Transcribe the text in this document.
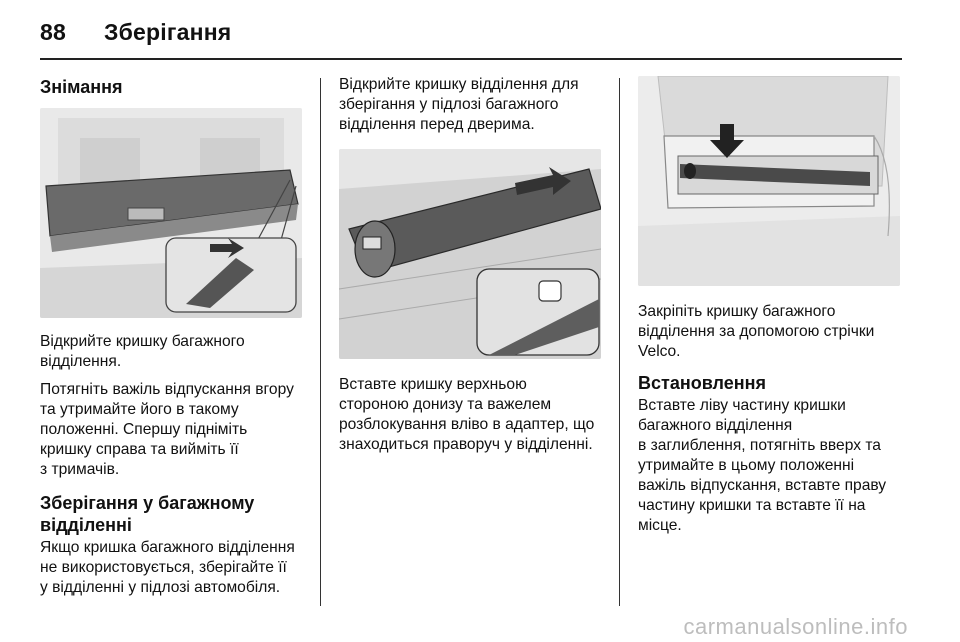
88 Зберігання
Знімання

Відкрийте кришку багажного
відділення.

Потягніть важіль відпускання вгору
та утримайте його в такому
положенні. Спершу підніміть
кришку справа та вийміть її
з тримачів.

Зберігання у багажному
відділенні

Якщо кришка багажного відділення
не використовується, зберігайте її
у відділенні у підлозі автомобіля.

Відкрийте кришку відділення для
зберігання у підлозі багажного
відділення перед дверима.

Вставте кришку верхньою
стороною донизу та важелем
розблокування вліво в адаптер, що
знаходиться праворуч у відділенні.

Закріпіть кришку багажного
відділення за допомогою стрічки
Velco.

Встановлення

Вставте ліву частину кришки
багажного відділення
в заглиблення, потягніть вверх та
утримайте в цьому положенні
важіль відпускання, вставте праву
частину кришки та вставте її на
місце.

carmanualsonline.info
